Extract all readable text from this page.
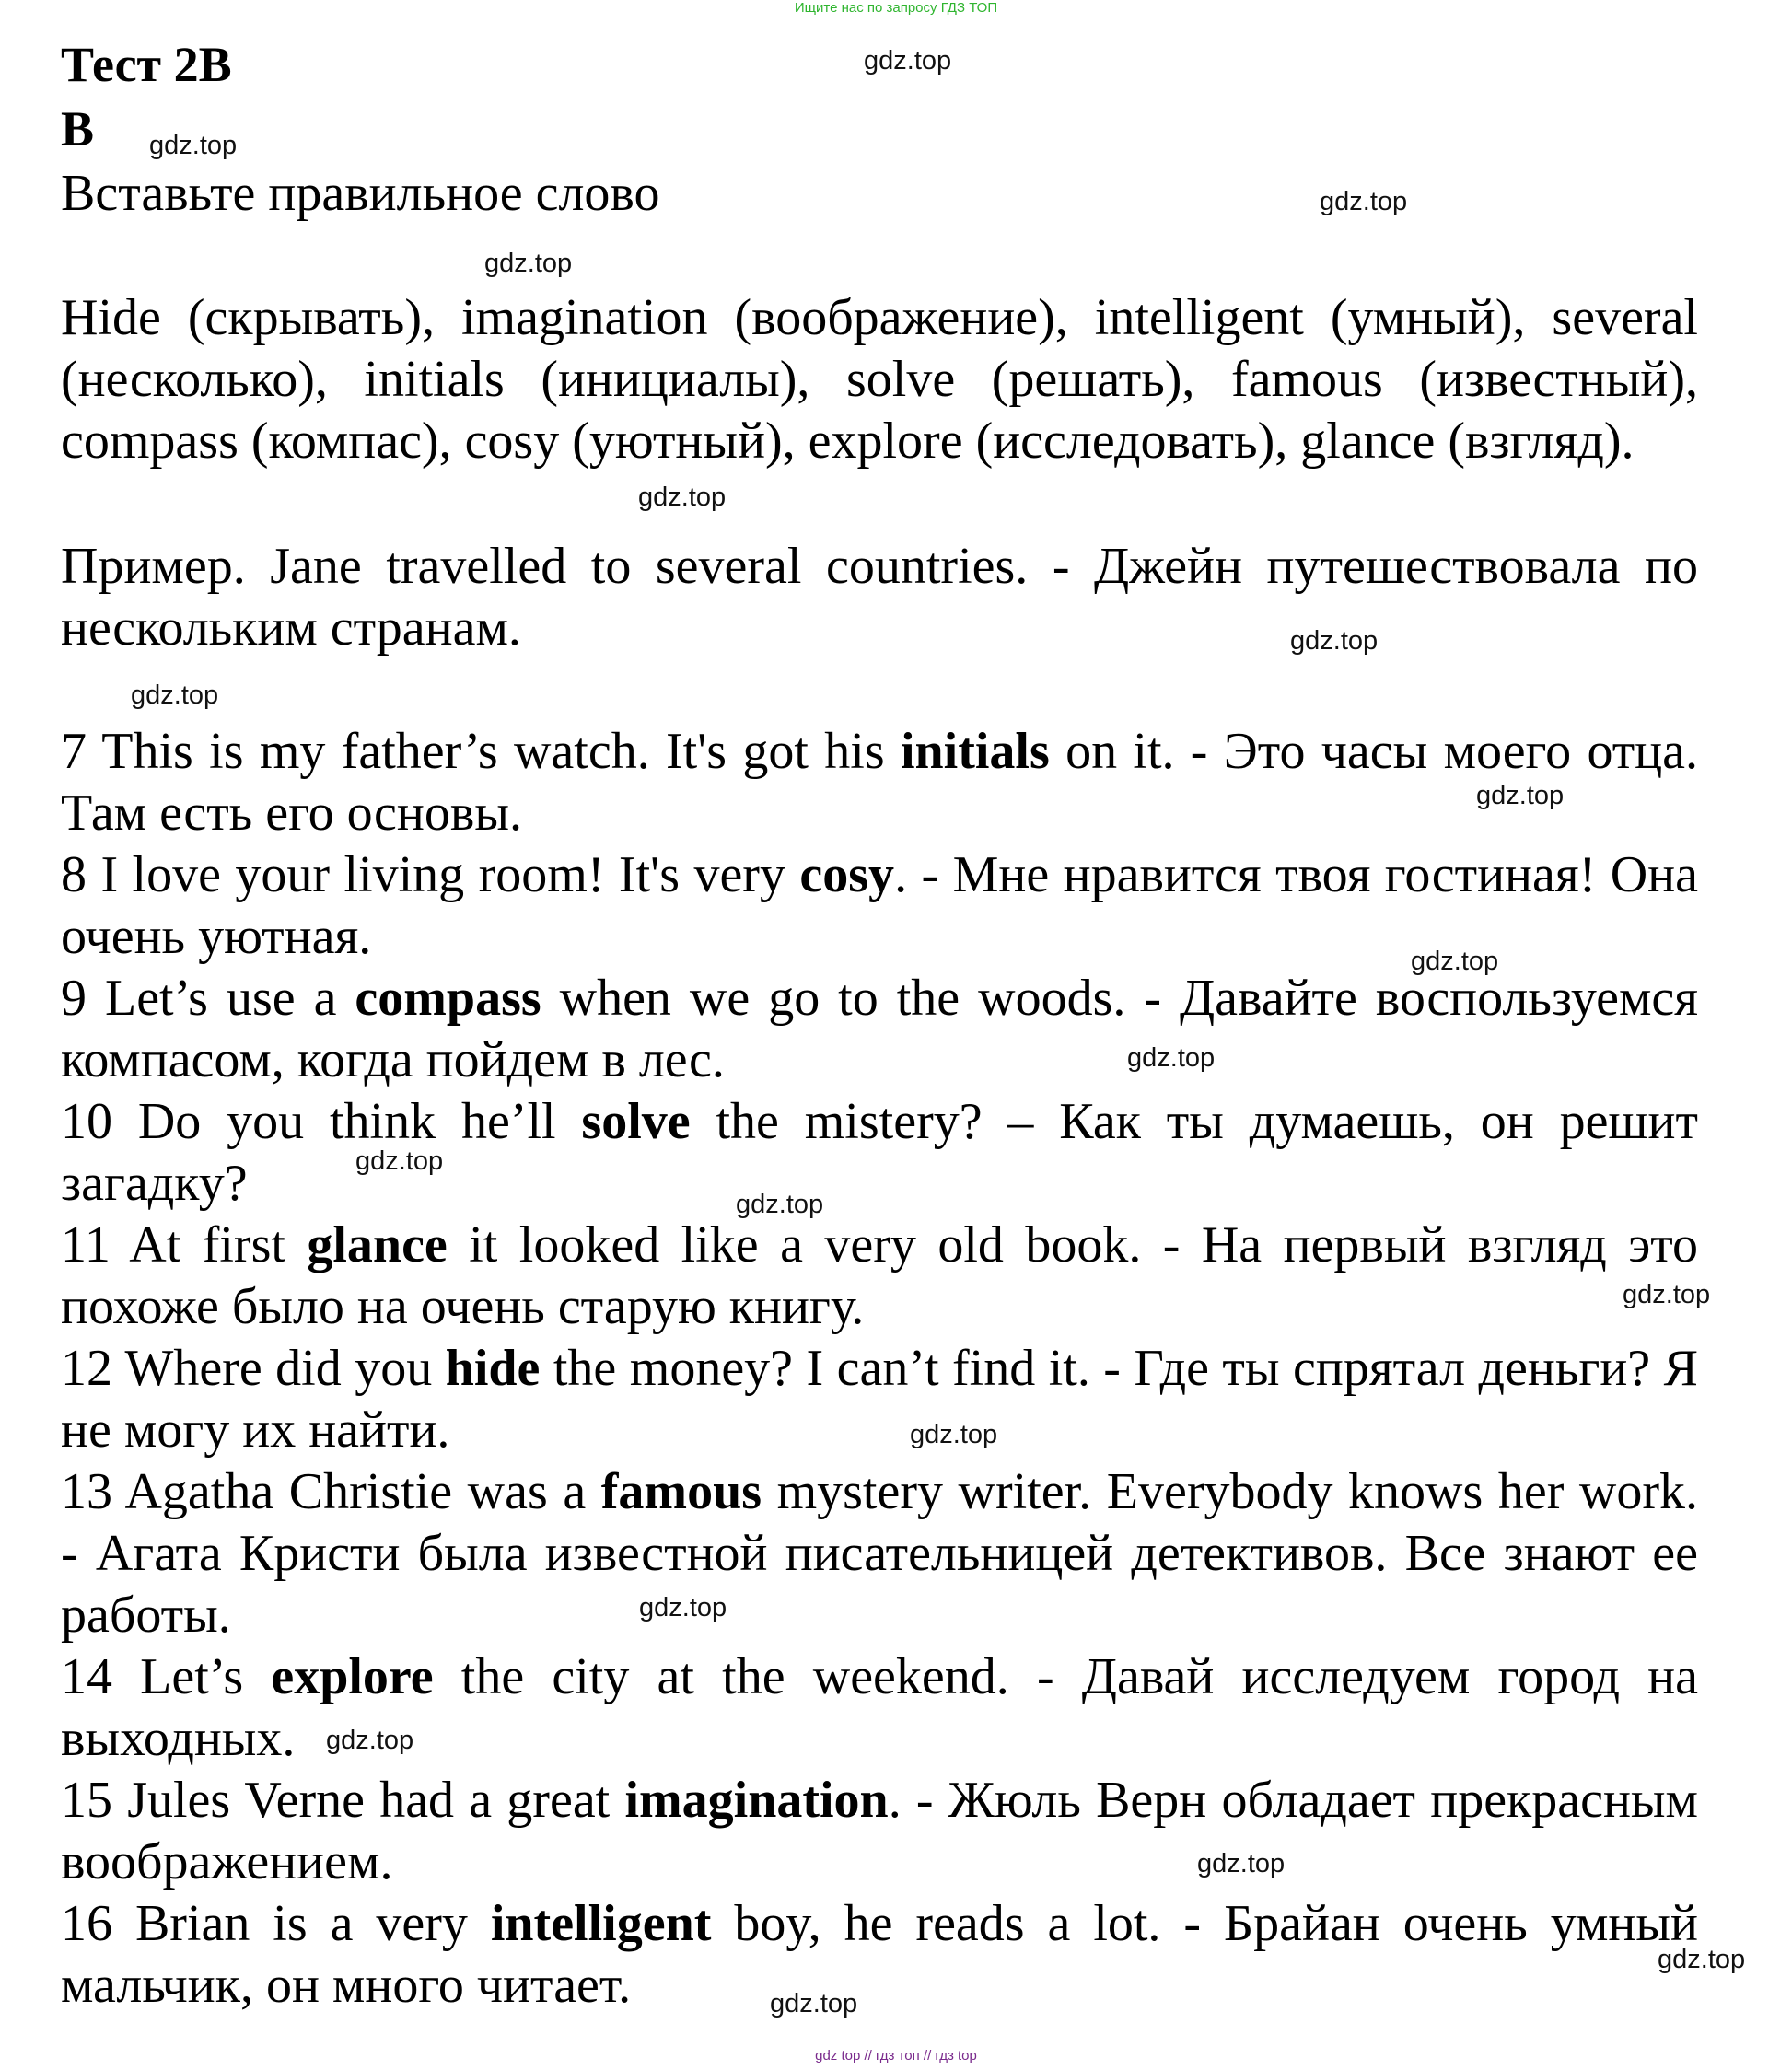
Ищите нас по запросу ГДЗ ТОП
Тест 2В
B
Вставьте правильное слово

Hide (скрывать), imagination (воображение), intelligent (умный), several (несколько), initials (инициалы), solve (решать), famous (известный), compass (компас), cosy (уютный), explore (исследовать), glance (взгляд).

Пример. Jane travelled to several countries. - Джейн путешествовала по нескольким странам.

7 This is my father’s watch. It's got his initials on it. - Это часы моего отца. Там есть его основы.

8 I love your living room! It's very cosy. - Мне нравится твоя гостиная! Она очень уютная.

9 Let’s use a compass when we go to the woods. - Давайте воспользуемся компасом, когда пойдем в лес.

10 Do you think he’ll solve the mistery? – Как ты думаешь, он решит загадку?

11 At first glance it looked like a very old book. - На первый взгляд это похоже было на очень старую книгу.

12 Where did you hide the money? I can’t find it. - Где ты спрятал деньги? Я не могу их найти.

13 Agatha Christie was a famous mystery writer. Everybody knows her work. - Агата Кристи была известной писательницей детективов. Все знают ее работы.

14 Let’s explore the city at the weekend. - Давай исследуем город на выходных.

15 Jules Verne had a great imagination. - Жюль Верн обладает прекрасным воображением.

16 Brian is a very intelligent boy, he reads a lot. - Брайан очень умный мальчик, он много читает.

gdz.top
gdz.top
gdz.top
gdz.top
gdz.top
gdz.top
gdz.top
gdz.top
gdz.top
gdz.top
gdz.top
gdz.top
gdz.top
gdz.top
gdz.top
gdz.top
gdz.top
gdz.top
gdz.top
gdz top // гдз топ // гдз top
